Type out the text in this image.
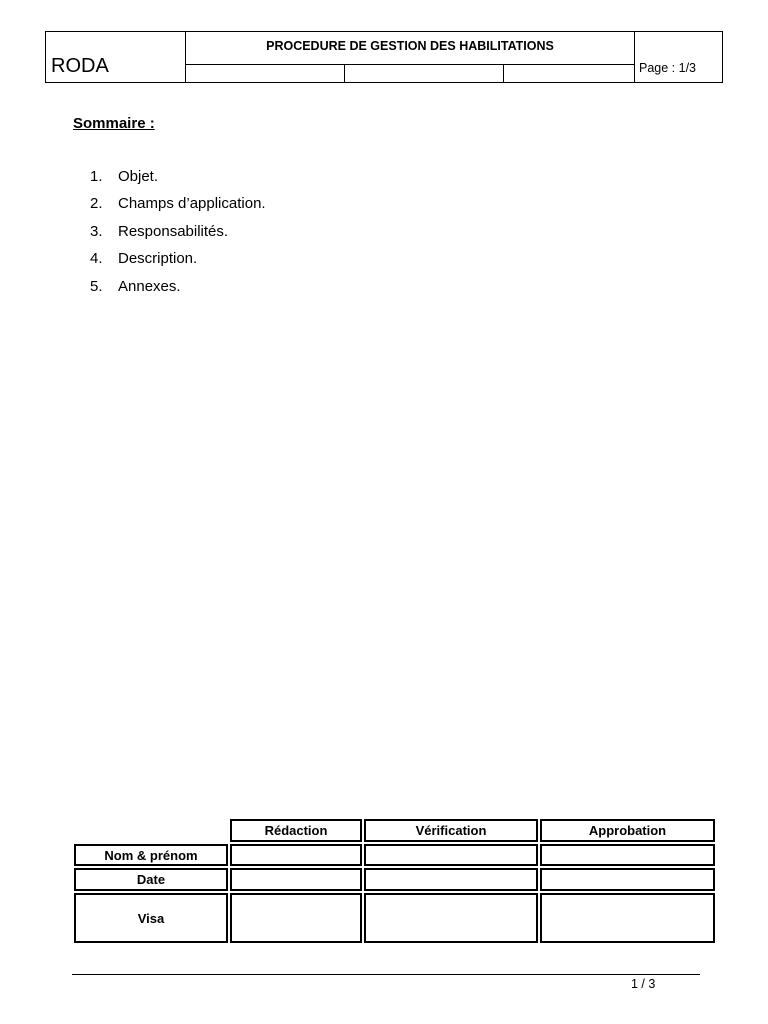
RODA
PROCEDURE DE GESTION DES HABILITATIONS
Page : 1/3
Sommaire :
1. Objet.
2. Champs d’application.
3. Responsabilités.
4. Description.
5. Annexes.
	Rédaction	Vérification	Approbation
Nom & prénom			
Date			
Visa			
1 / 3
